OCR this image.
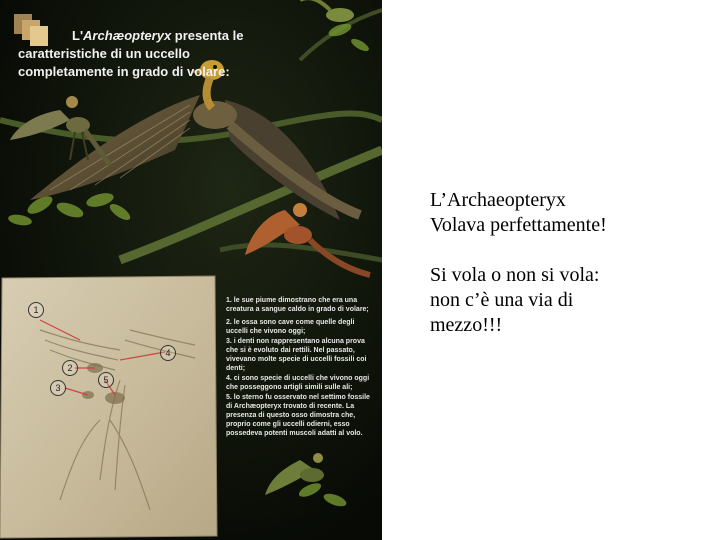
L'Archæopteryx presenta le
caratteristiche di un uccello
completamente in grado di volare:
1. le sue piume dimostrano che era una creatura a sangue caldo in grado di volare;
2. le ossa sono cave come quelle degli uccelli che vivono oggi;
3. i denti non rappresentano alcuna prova che si è evoluto dai rettili. Nel passato, vivevano molte specie di uccelli fossili coi denti;
4. ci sono specie di uccelli che vivono oggi che posseggono artigli simili sulle ali;
5. lo sterno fu osservato nel settimo fossile di Archæopteryx trovato di recente. La presenza di questo osso dimostra che, proprio come gli uccelli odierni, esso possedeva potenti muscoli adatti al volo.
1
2
3
4
5

L’Archaeopteryx

Volava perfettamente!

Si vola o non si vola:

non c’è una via di

mezzo!!!
